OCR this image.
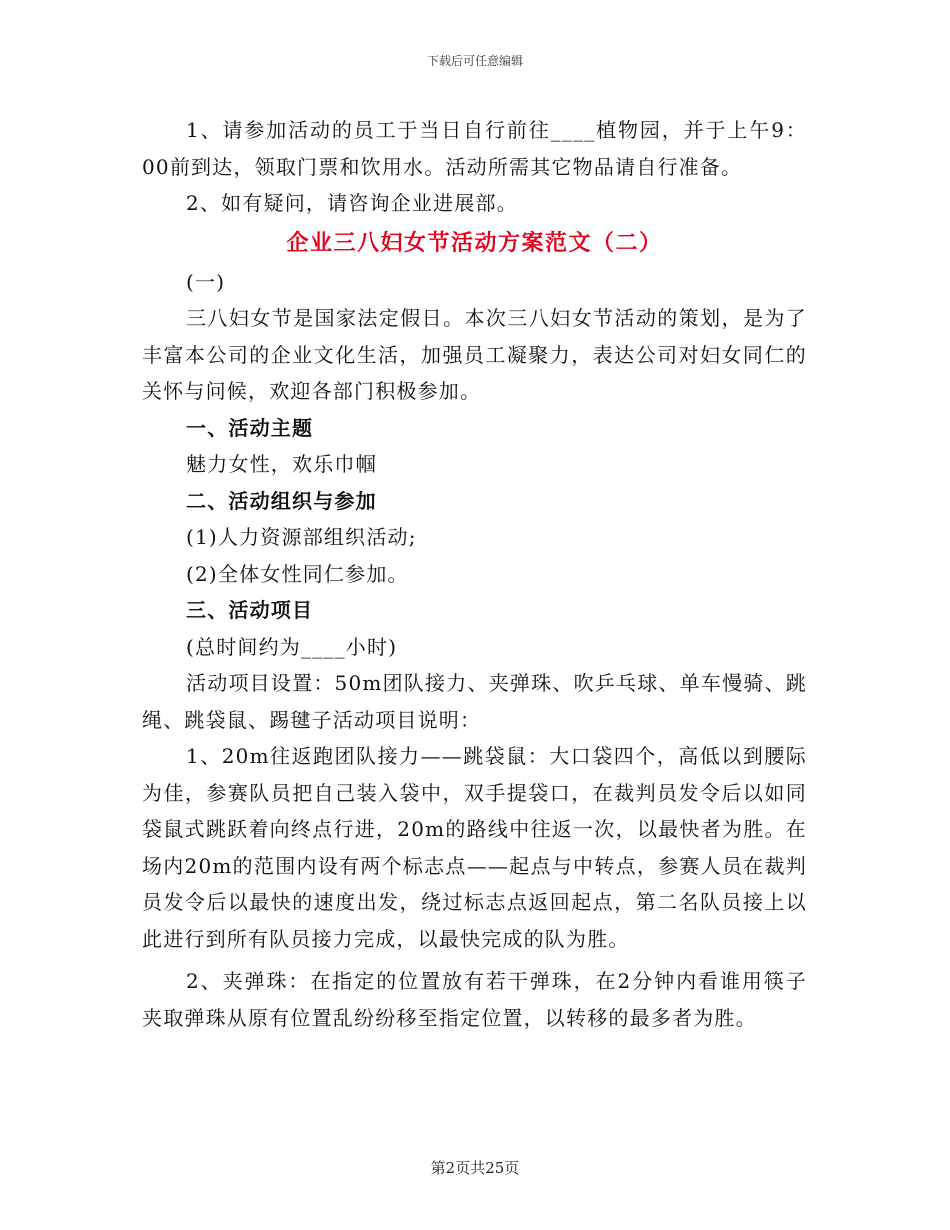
下载后可任意编辑

1、请参加活动的员工于当日自行前往____植物园，并于上午9：00前到达，领取门票和饮用水。活动所需其它物品请自行准备。

2、如有疑问，请咨询企业进展部。

企业三八妇女节活动方案范文（二）

(一)

三八妇女节是国家法定假日。本次三八妇女节活动的策划，是为了丰富本公司的企业文化生活，加强员工凝聚力，表达公司对妇女同仁的关怀与问候，欢迎各部门积极参加。

一、活动主题

魅力女性，欢乐巾帼

二、活动组织与参加

(1)人力资源部组织活动;

(2)全体女性同仁参加。

三、活动项目

(总时间约为____小时)

活动项目设置：50m团队接力、夹弹珠、吹乒乓球、单车慢骑、跳绳、跳袋鼠、踢毽子活动项目说明：

1、20m往返跑团队接力——跳袋鼠：大口袋四个，高低以到腰际为佳，参赛队员把自己装入袋中，双手提袋口，在裁判员发令后以如同袋鼠式跳跃着向终点行进，20m的路线中往返一次，以最快者为胜。在场内20m的范围内设有两个标志点——起点与中转点，参赛人员在裁判员发令后以最快的速度出发，绕过标志点返回起点，第二名队员接上以此进行到所有队员接力完成，以最快完成的队为胜。

2、夹弹珠：在指定的位置放有若干弹珠，在2分钟内看谁用筷子夹取弹珠从原有位置乱纷纷移至指定位置，以转移的最多者为胜。

第2页共25页
